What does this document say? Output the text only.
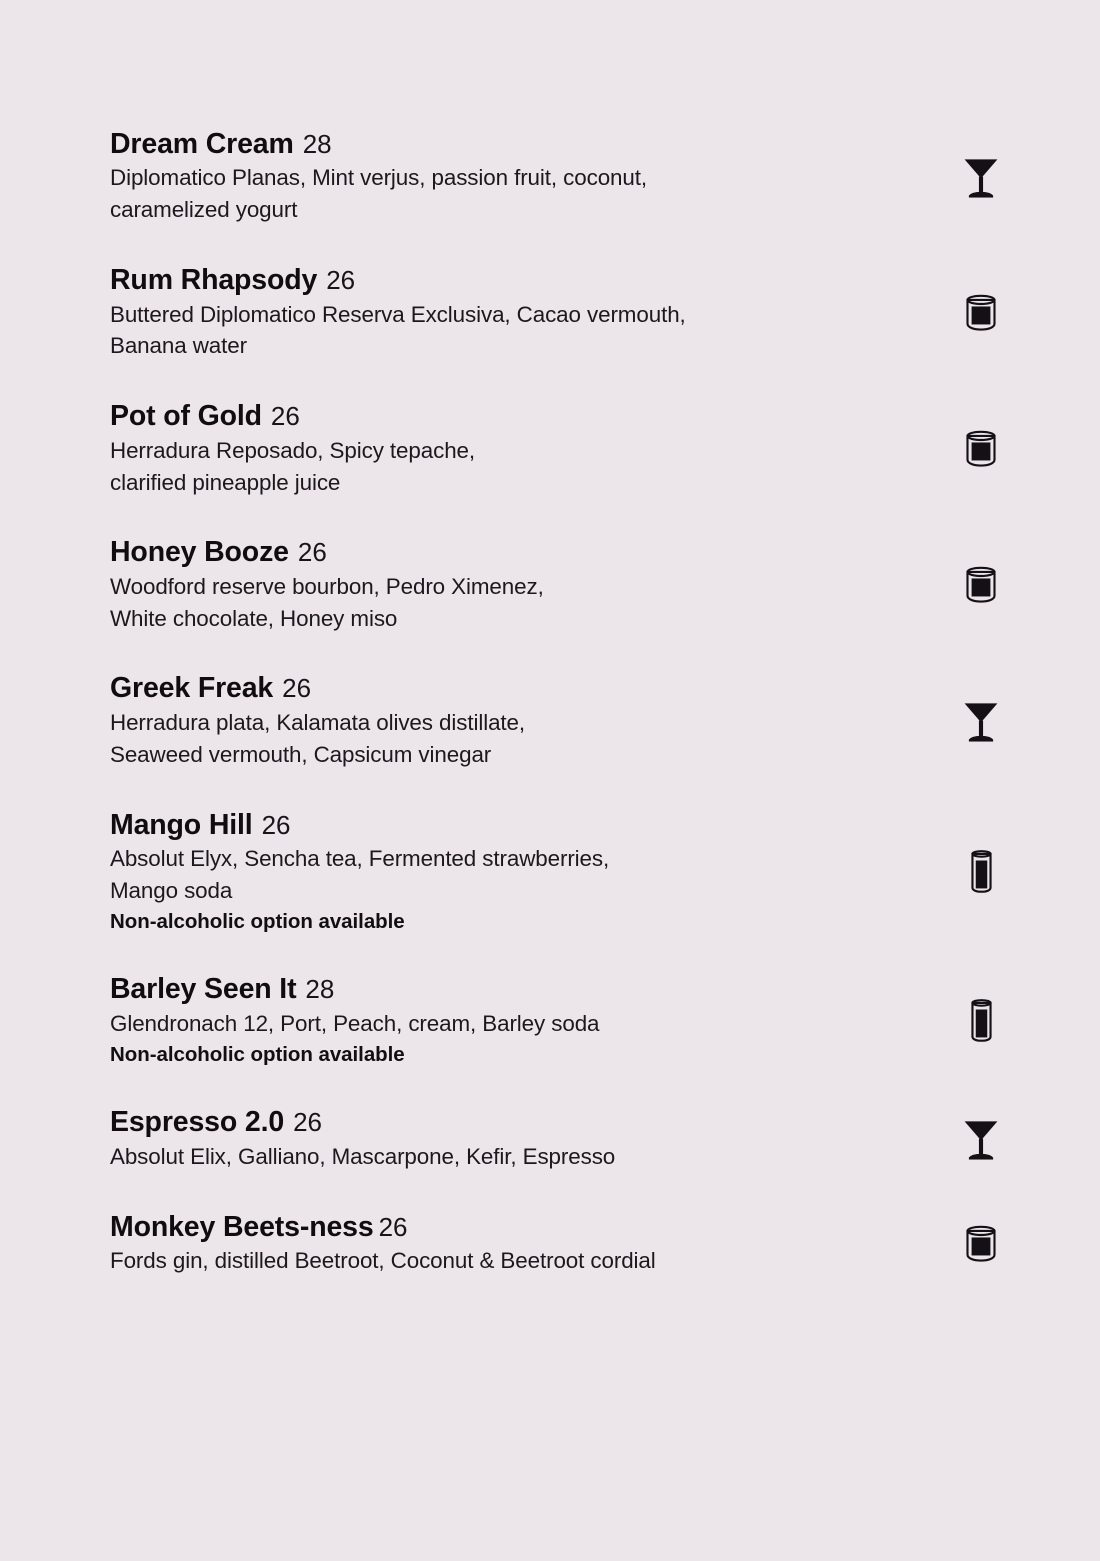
Dream Cream 28
Diplomatico Planas, Mint verjus, passion fruit, coconut,
caramelized yogurt
Rum Rhapsody 26
Buttered Diplomatico Reserva Exclusiva, Cacao vermouth,
Banana water
Pot of Gold 26
Herradura Reposado, Spicy tepache,
clarified pineapple juice
Honey Booze 26
Woodford reserve bourbon, Pedro Ximenez,
White chocolate, Honey miso
Greek Freak 26
Herradura plata, Kalamata olives distillate,
Seaweed vermouth, Capsicum vinegar
Mango Hill 26
Absolut Elyx, Sencha tea, Fermented strawberries,
Mango soda
Non-alcoholic option available
Barley Seen It 28
Glendronach 12, Port, Peach, cream, Barley soda
Non-alcoholic option available
Espresso 2.0 26
Absolut Elix, Galliano, Mascarpone, Kefir, Espresso
Monkey Beets-ness 26
Fords gin, distilled Beetroot, Coconut & Beetroot cordial
